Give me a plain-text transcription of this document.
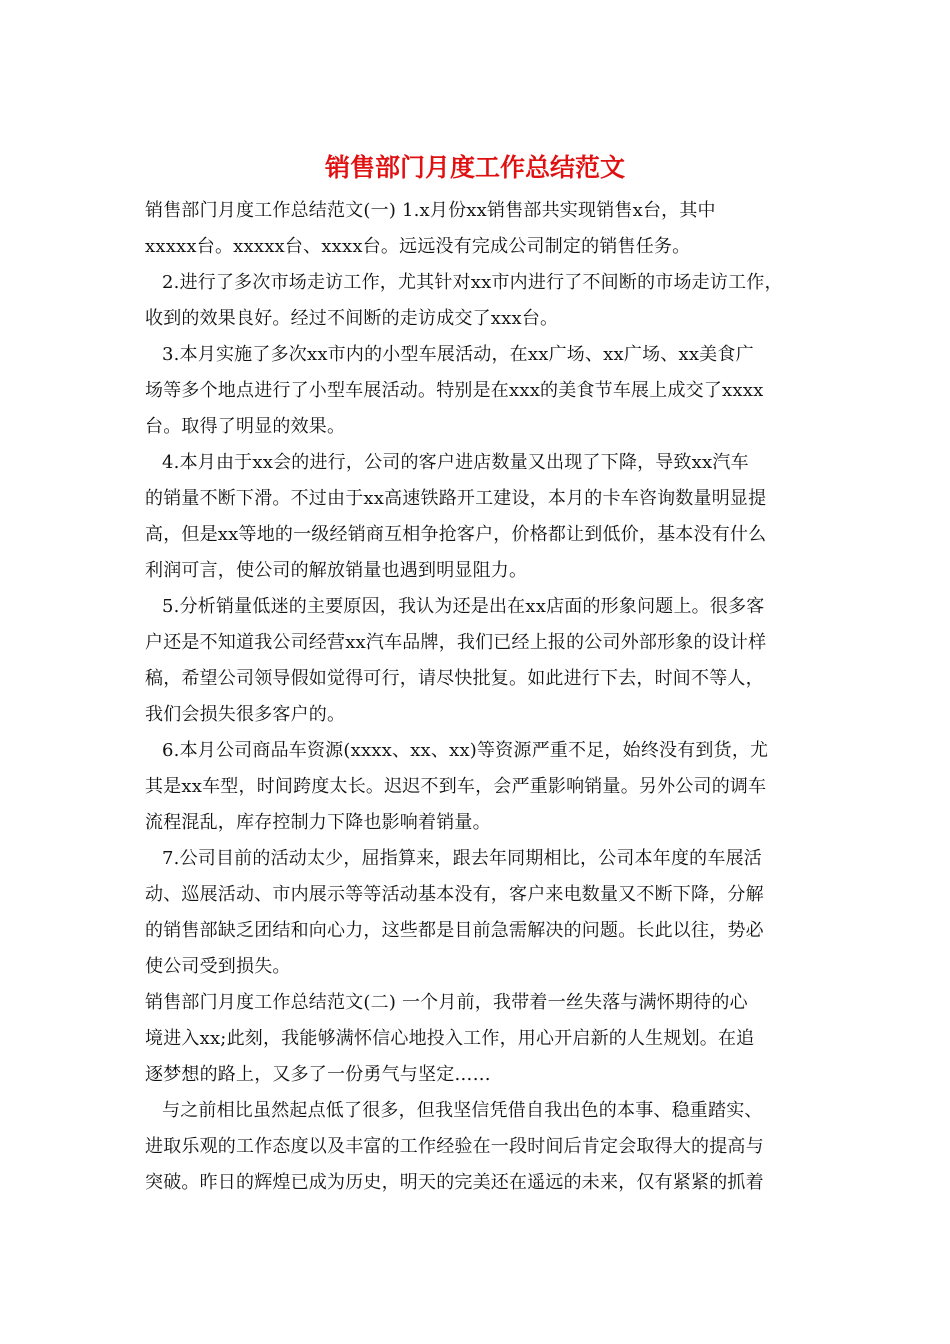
销售部门月度工作总结范文

销售部门月度工作总结范文(一) 1.x月份xx销售部共实现销售x台，其中

xxxxx台。xxxxx台、xxxx台。远远没有完成公司制定的销售任务。

2.进行了多次市场走访工作，尤其针对xx市内进行了不间断的市场走访工作，

收到的效果良好。经过不间断的走访成交了xxx台。

3.本月实施了多次xx市内的小型车展活动，在xx广场、xx广场、xx美食广

场等多个地点进行了小型车展活动。特别是在xxx的美食节车展上成交了xxxx

台。取得了明显的效果。

4.本月由于xx会的进行，公司的客户进店数量又出现了下降，导致xx汽车

的销量不断下滑。不过由于xx高速铁路开工建设，本月的卡车咨询数量明显提

高，但是xx等地的一级经销商互相争抢客户，价格都让到低价，基本没有什么

利润可言，使公司的解放销量也遇到明显阻力。

5.分析销量低迷的主要原因，我认为还是出在xx店面的形象问题上。很多客

户还是不知道我公司经营xx汽车品牌，我们已经上报的公司外部形象的设计样

稿，希望公司领导假如觉得可行，请尽快批复。如此进行下去，时间不等人，

我们会损失很多客户的。

6.本月公司商品车资源(xxxx、xx、xx)等资源严重不足，始终没有到货，尤

其是xx车型，时间跨度太长。迟迟不到车，会严重影响销量。另外公司的调车

流程混乱，库存控制力下降也影响着销量。

7.公司目前的活动太少，屈指算来，跟去年同期相比，公司本年度的车展活

动、巡展活动、市内展示等等活动基本没有，客户来电数量又不断下降，分解

的销售部缺乏团结和向心力，这些都是目前急需解决的问题。长此以往，势必

使公司受到损失。

销售部门月度工作总结范文(二) 一个月前，我带着一丝失落与满怀期待的心

境进入xx;此刻，我能够满怀信心地投入工作，用心开启新的人生规划。在追

逐梦想的路上，又多了一份勇气与坚定……

与之前相比虽然起点低了很多，但我坚信凭借自我出色的本事、稳重踏实、

进取乐观的工作态度以及丰富的工作经验在一段时间后肯定会取得大的提高与

突破。昨日的辉煌已成为历史，明天的完美还在遥远的未来，仅有紧紧的抓着
